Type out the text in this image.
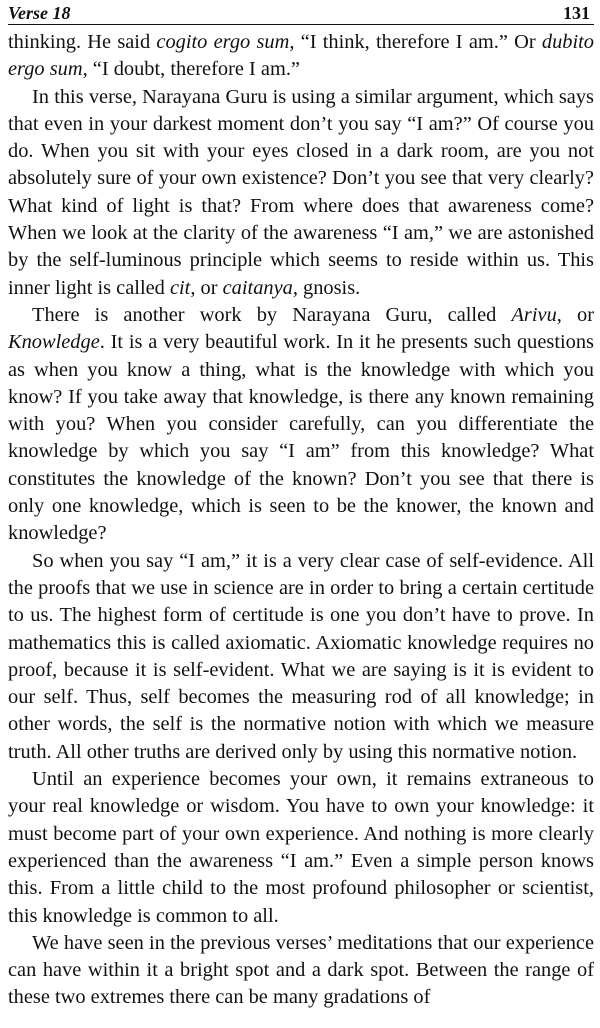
Verse 18	131

thinking. He said cogito ergo sum, “I think, therefore I am.” Or dubito ergo sum, “I doubt, therefore I am.”

In this verse, Narayana Guru is using a similar argument, which says that even in your darkest moment don’t you say “I am?” Of course you do. When you sit with your eyes closed in a dark room, are you not absolutely sure of your own existence? Don’t you see that very clearly? What kind of light is that? From where does that awareness come? When we look at the clarity of the awareness “I am,” we are astonished by the self-luminous principle which seems to reside within us. This inner light is called cit, or caitanya, gnosis.

There is another work by Narayana Guru, called Arivu, or Knowledge. It is a very beautiful work. In it he presents such questions as when you know a thing, what is the knowledge with which you know? If you take away that knowledge, is there any known remaining with you? When you consider carefully, can you differentiate the knowledge by which you say “I am” from this knowledge? What constitutes the knowledge of the known? Don’t you see that there is only one knowledge, which is seen to be the knower, the known and knowledge?

So when you say “I am,” it is a very clear case of self-evidence. All the proofs that we use in science are in order to bring a certain certitude to us. The highest form of certitude is one you don’t have to prove. In mathematics this is called axiomatic. Axiomatic knowledge requires no proof, because it is self-evident. What we are saying is it is evident to our self. Thus, self becomes the measuring rod of all knowledge; in other words, the self is the normative notion with which we measure truth. All other truths are derived only by using this normative notion.

Until an experience becomes your own, it remains extraneous to your real knowledge or wisdom. You have to own your knowledge: it must become part of your own experience. And nothing is more clearly experienced than the awareness “I am.” Even a simple person knows this. From a little child to the most profound philosopher or scientist, this knowledge is common to all.

We have seen in the previous verses’ meditations that our experience can have within it a bright spot and a dark spot. Between the range of these two extremes there can be many gradations of
